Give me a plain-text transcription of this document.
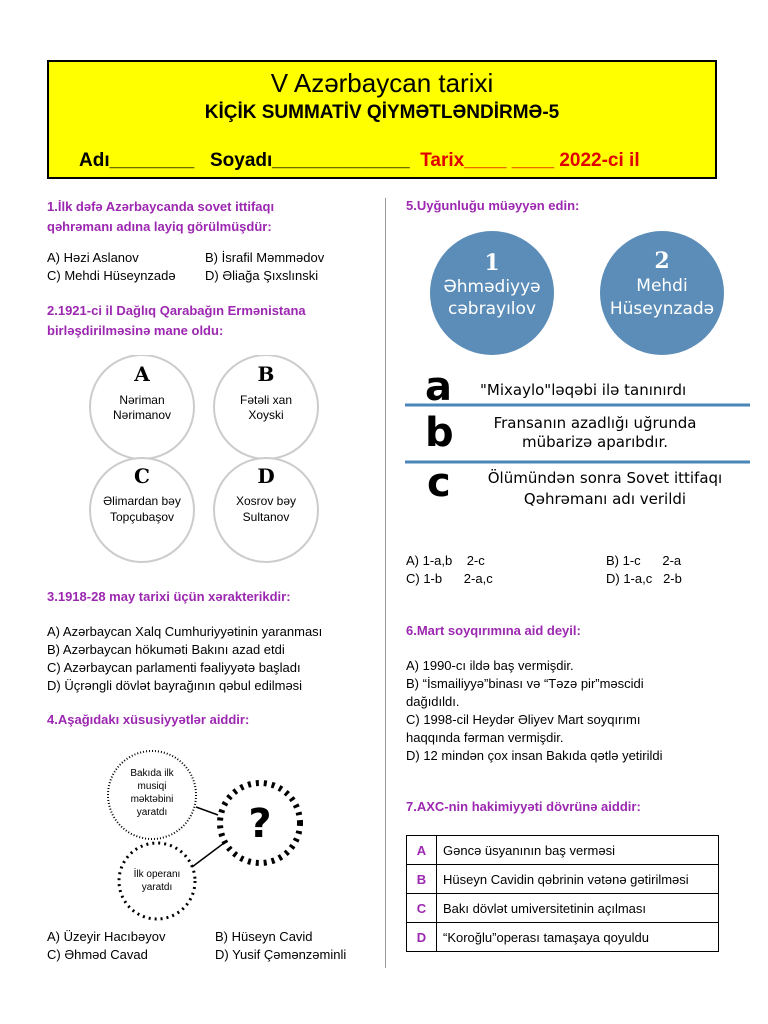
V Azərbaycan tarixi
KİÇİK SUMMATİV QİYMƏTLƏNDİRMƏ-5
Adı________ Soyadı_____________ Tarix____ ____ 2022-ci il
1.İlk dəfə Azərbaycanda sovet ittifaqı
qəhrəmanı adına layiq görülmüşdür:
A) Həzi Aslanov	B) İsrafil Məmmədov
C) Mehdi Hüseynzadə D) Əliağa Şıxslınski
2.1921-ci il Dağlıq Qarabağın Ermənistana
birləşdirilməsinə mane oldu:
A
Nəriman
Nərimanov
B
Fətəli xan
Xoyski
C
Əlimardan bəy
Topçubaşov
D
Xosrov bəy
Sultanov
3.1918-28 may tarixi üçün xərakterikdir:
A) Azərbaycan Xalq Cumhuriyyətinin yaranması
B) Azərbaycan hökuməti Bakını azad etdi
C) Azərbaycan parlamenti fəaliyyətə başladı
D) Üçrəngli dövlət bayrağının qəbul edilməsi
4.Aşağıdakı xüsusiyyətlər aiddir:
Bakıda ilk
musiqi
məktəbini
yaratdı ?
İlk operanı
yaratdı
A) Üzeyir Hacıbəyov	B) Hüseyn Cavid
C) Əhməd Cavad	D) Yusif Çəmənzəminli
5.Uyğunluğu müəyyən edin:
1
Əhmədiyyə
cəbrayılov
2
Mehdi
Hüseynzadə
a "Mixaylo"ləqəbi ilə tanınırdı
b	Fransanın azadlığı uğrunda
mübarizə aparıbdır.
c Ölümündən sonra Sovet ittifaqı
Qəhrəmanı adı verildi
A) 1-a,b    2-c	B) 1-c      2-a
C) 1-b      2-a,c	D) 1-a,c   2-b
6.Mart soyqırımına aid deyil:
A) 1990-cı ildə baş vermişdir.
B) “İsmailiyyə”binası və “Təzə pir”məscidi
dağıdıldı.
C) 1998-cil Heydər Əliyev Mart soyqırımı
haqqında fərman vermişdir.
D) 12 mindən çox insan Bakıda qətlə yetirildi
7.AXC-nin hakimiyyəti dövrünə aiddir:
A	Gəncə üsyanının baş verməsi
B	Hüseyn Cavidin qəbrinin vətənə gətirilməsi
C	Bakı dövlət umiversitetinin açılması
D	“Koroğlu”operası tamaşaya qoyuldu
